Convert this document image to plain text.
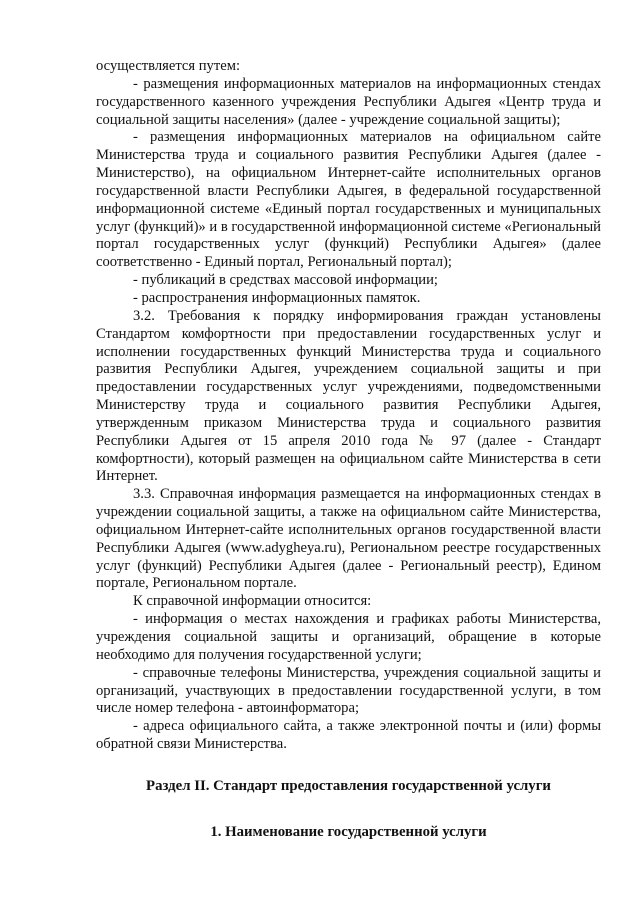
осуществляется путем:

- размещения информационных материалов на информационных стендах государственного казенного учреждения Республики Адыгея «Центр труда и социальной защиты населения» (далее - учреждение социальной защиты);

- размещения информационных материалов на официальном сайте Министерства труда и социального развития Республики Адыгея (далее - Министерство), на официальном Интернет-сайте исполнительных органов государственной власти Республики Адыгея, в федеральной государственной информационной системе «Единый портал государственных и муниципальных услуг (функций)» и в государственной информационной системе «Региональный портал государственных услуг (функций) Республики Адыгея» (далее соответственно - Единый портал, Региональный портал);

- публикаций в средствах массовой информации;

- распространения информационных памяток.

3.2. Требования к порядку информирования граждан установлены Стандартом комфортности при предоставлении государственных услуг и исполнении государственных функций Министерства труда и социального развития Республики Адыгея, учреждением социальной защиты и при предоставлении государственных услуг учреждениями, подведомственными Министерству труда и социального развития Республики Адыгея, утвержденным приказом Министерства труда и социального развития Республики Адыгея от 15 апреля 2010 года № 97 (далее - Стандарт комфортности), который размещен на официальном сайте Министерства в сети Интернет.

3.3. Справочная информация размещается на информационных стендах в учреждении социальной защиты, а также на официальном сайте Министерства, официальном Интернет-сайте исполнительных органов государственной власти Республики Адыгея (www.adygheya.ru), Региональном реестре государственных услуг (функций) Республики Адыгея (далее - Региональный реестр), Едином портале, Региональном портале.

К справочной информации относится:

- информация о местах нахождения и графиках работы Министерства, учреждения социальной защиты и организаций, обращение в которые необходимо для получения государственной услуги;

- справочные телефоны Министерства, учреждения социальной защиты и организаций, участвующих в предоставлении государственной услуги, в том числе номер телефона - автоинформатора;

- адреса официального сайта, а также электронной почты и (или) формы обратной связи Министерства.

Раздел II. Стандарт предоставления государственной услуги
1. Наименование государственной услуги
